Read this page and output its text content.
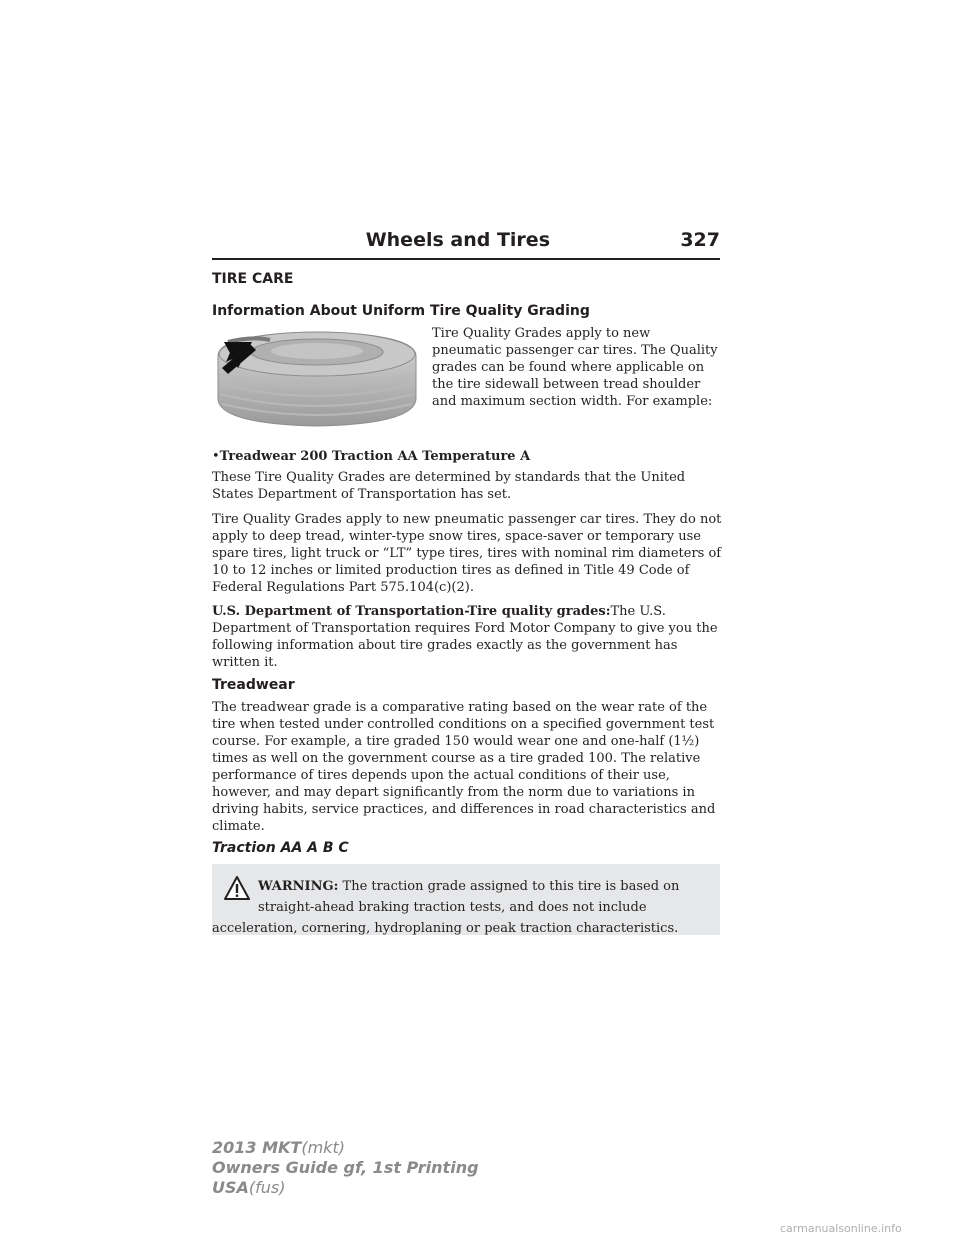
Wheels and Tires	327
TIRE CARE
Information About Uniform Tire Quality Grading
Tire Quality Grades apply to new pneumatic passenger car tires. The Quality grades can be found where applicable on the tire sidewall between tread shoulder and maximum section width. For example:
•Treadwear 200 Traction AA Temperature A
These Tire Quality Grades are determined by standards that the United States Department of Transportation has set.
Tire Quality Grades apply to new pneumatic passenger car tires. They do not apply to deep tread, winter-type snow tires, space-saver or temporary use spare tires, light truck or “LT” type tires, tires with nominal rim diameters of 10 to 12 inches or limited production tires as defined in Title 49 Code of Federal Regulations Part 575.104(c)(2).
U.S. Department of Transportation-Tire quality grades:The U.S. Department of Transportation requires Ford Motor Company to give you the following information about tire grades exactly as the government has written it.
Treadwear
The treadwear grade is a comparative rating based on the wear rate of the tire when tested under controlled conditions on a specified government test course. For example, a tire graded 150 would wear one and one-half (1½) times as well on the government course as a tire graded 100. The relative performance of tires depends upon the actual conditions of their use, however, and may depart significantly from the norm due to variations in driving habits, service practices, and differences in road characteristics and climate.
Traction AA A B C
WARNING: The traction grade assigned to this tire is based on
straight-ahead braking traction tests, and does not include
acceleration, cornering, hydroplaning or peak traction characteristics.
2013 MKT(mkt)
Owners Guide gf, 1st Printing
USA(fus)
carmanualsonline.info
